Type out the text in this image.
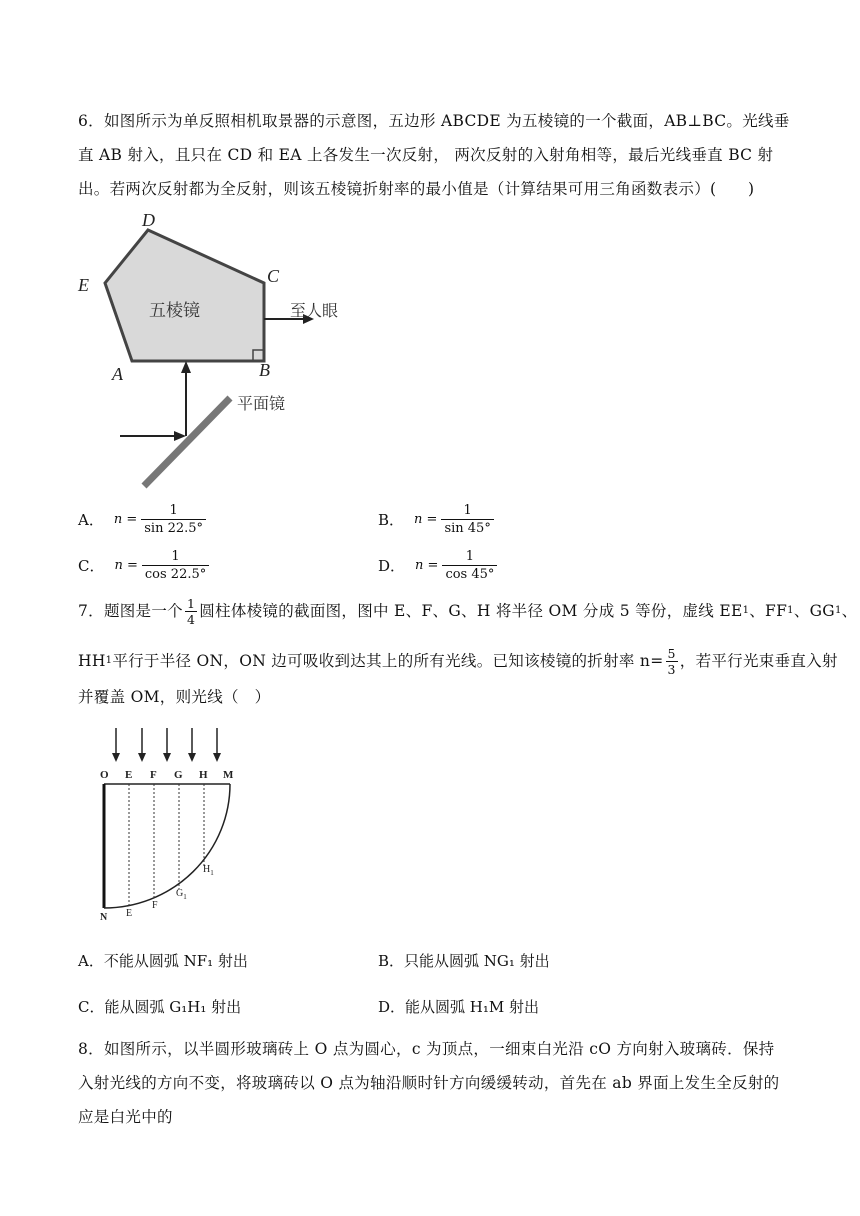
6．如图所示为单反照相机取景器的示意图，五边形 ABCDE 为五棱镜的一个截面，AB⊥BC。光线垂直 AB 射入，且只在 CD 和 EA 上各发生一次反射， 两次反射的入射角相等，最后光线垂直 BC 射出。若两次反射都为全反射，则该五棱镜折射率的最小值是（计算结果可用三角函数表示）(　　)
D
C
E
A	B
五棱镜	至人眼
平面镜
A． $n = \frac{1}{\sin 22.5^\circ}$	B． $n = \frac{1}{\sin 45^\circ}$
C． $n = \frac{1}{\cos 22.5^\circ}$	D． $n = \frac{1}{\cos 45^\circ}$
7．题图是一个 $\frac{1}{4}$ 圆柱体棱镜的截面图，图中 E、F、G、H 将半径 OM 分成 5 等份，虚线 EE 1 、FF 1 、GG 1 、
HH 1 平行于半径 ON，ON 边可吸收到达其上的所有光线。已知该棱镜的折射率 $n= \frac{5}{3}$ ，若平行光束垂直入射
并覆盖 OM，则光线（　）
O E F G H M
N E
F
$G_1$
$H_1$
A．不能从圆弧 NF₁ 射出	B．只能从圆弧 NG₁ 射出
C．能从圆弧 G₁H₁ 射出	D．能从圆弧 H₁M 射出
8．如图所示，以半圆形玻璃砖上 O 点为圆心，c 为顶点，一细束白光沿 cO 方向射入玻璃砖．保持入射光线的方向不变，将玻璃砖以 O 点为轴沿顺时针方向缓缓转动，首先在 ab 界面上发生全反射的应是白光中的
